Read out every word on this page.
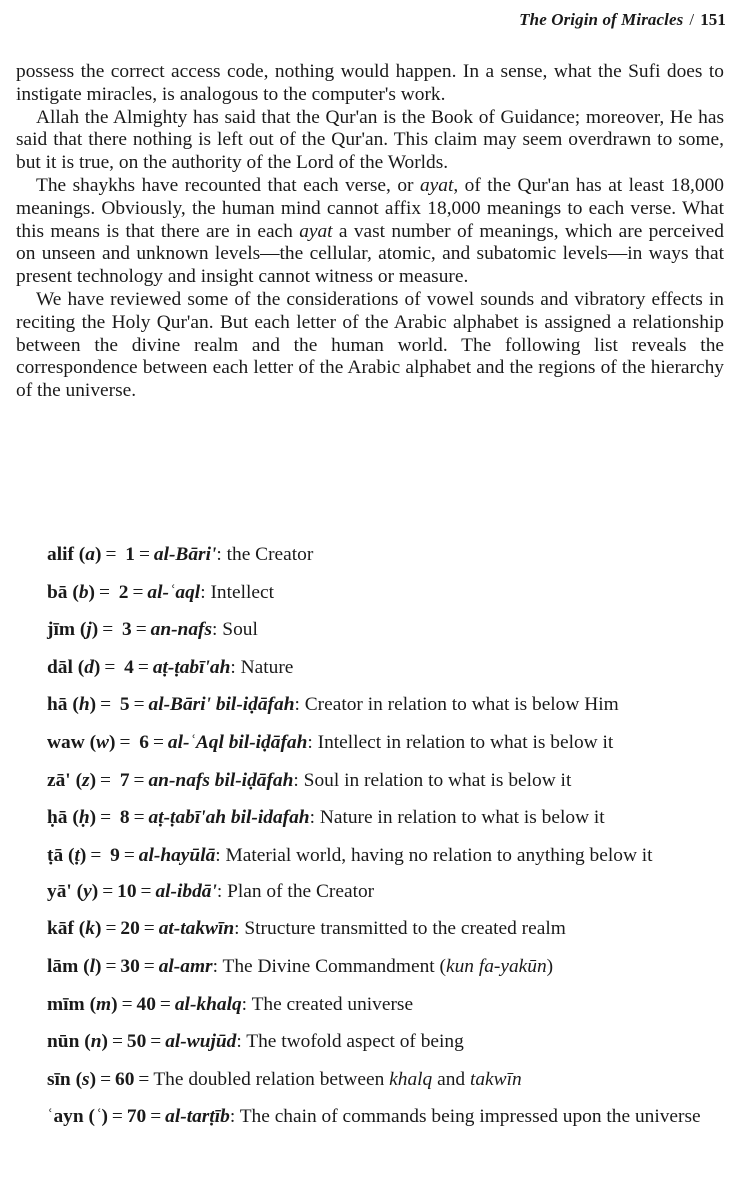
The Origin of Miracles / 151

possess the correct access code, nothing would happen. In a sense, what the Sufi does to instigate miracles, is analogous to the computer's work.

Allah the Almighty has said that the Qur'an is the Book of Guidance; moreover, He has said that there nothing is left out of the Qur'an. This claim may seem overdrawn to some, but it is true, on the authority of the Lord of the Worlds.

The shaykhs have recounted that each verse, or ayat, of the Qur'an has at least 18,000 meanings. Obviously, the human mind cannot affix 18,000 meanings to each verse. What this means is that there are in each ayat a vast number of meanings, which are perceived on unseen and unknown levels—the cellular, atomic, and subatomic levels—in ways that present technology and insight cannot witness or measure.

We have reviewed some of the considerations of vowel sounds and vibratory effects in reciting the Holy Qur'an. But each letter of the Arabic alphabet is assigned a relationship between the divine realm and the human world. The following list reveals the correspondence between each letter of the Arabic alphabet and the regions of the hierarchy of the universe.

alif (a) = 1 = al-Bāri': the Creator
bā (b) = 2 = al-ʿaql: Intellect
jīm (j) = 3 = an-nafs: Soul
dāl (d) = 4 = aṭ-ṭabī'ah: Nature
hā (h) = 5 = al-Bāri' bil-iḍāfah: Creator in relation to what is below Him
waw (w) = 6 = al-ʿAql bil-iḍāfah: Intellect in relation to what is below it
zā' (z) = 7 = an-nafs bil-iḍāfah: Soul in relation to what is below it
ḥā (ḥ) = 8 = aṭ-ṭabī'ah bil-idafah: Nature in relation to what is below it
ṭā (ṭ) = 9 = al-hayūlā: Material world, having no relation to anything below it
yā' (y) = 10 = al-ibdā': Plan of the Creator
kāf (k) = 20 = at-takwīn: Structure transmitted to the created realm
lām (l) = 30 = al-amr: The Divine Commandment (kun fa-yakūn)
mīm (m) = 40 = al-khalq: The created universe
nūn (n) = 50 = al-wujūd: The twofold aspect of being
sīn (s) = 60 = The doubled relation between khalq and takwīn
ʿayn (ʿ) = 70 = al-tarṭīb: The chain of commands being impressed upon the universe
